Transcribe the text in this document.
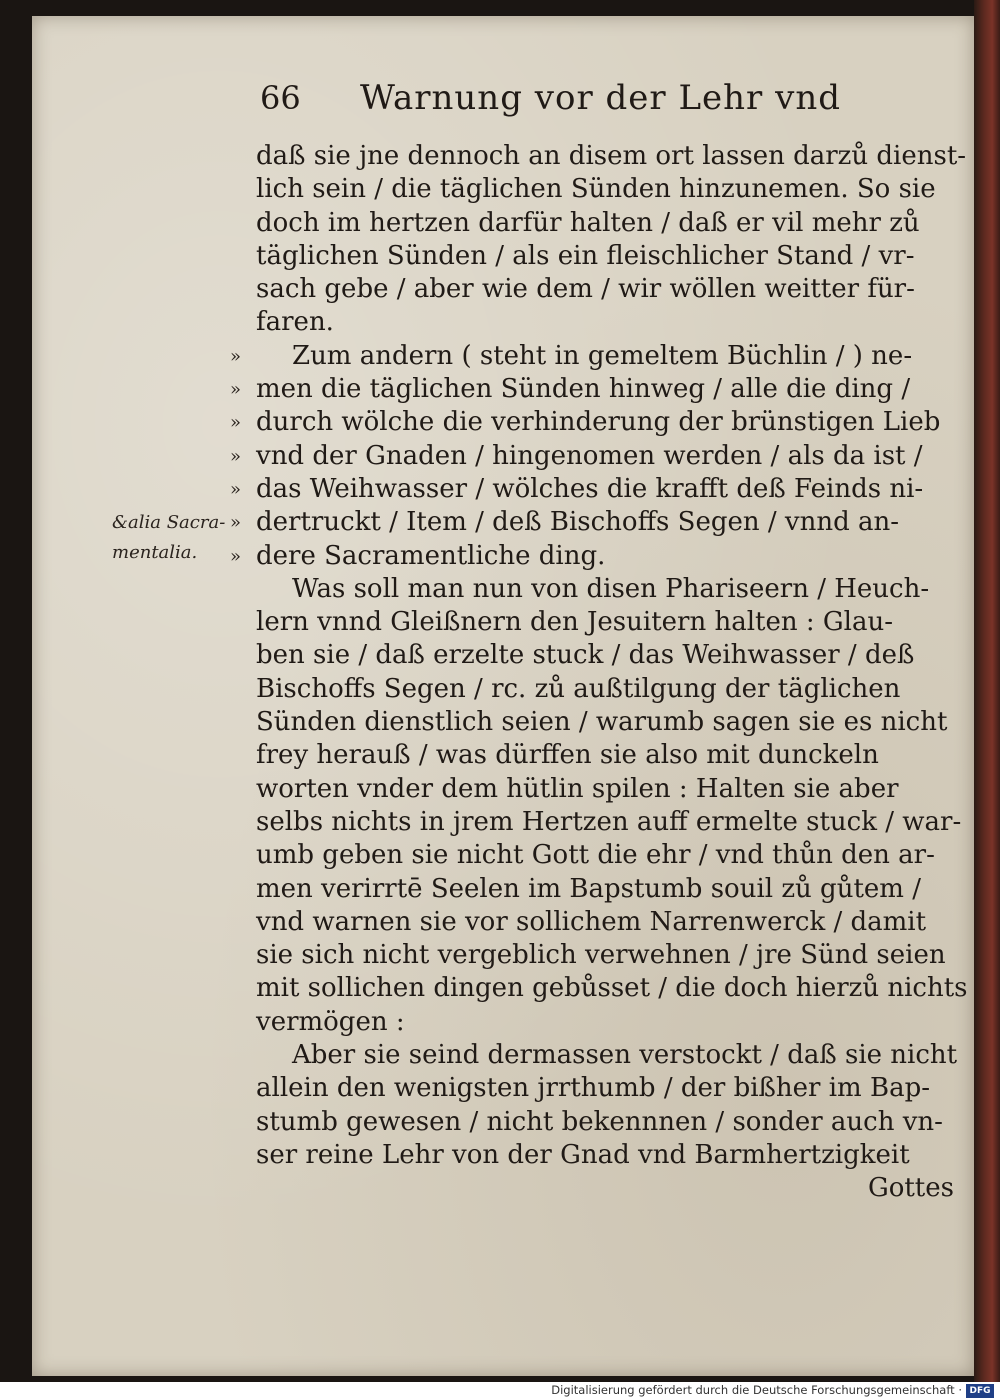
&alia Sacra-
mentalia.
66	Warnung vor der Lehr vnd
daß sie jne dennoch an disem ort lassen darzů dienst-
lich sein / die täglichen Sünden hinzunemen. So sie
doch im hertzen darfür halten / daß er vil mehr zů
täglichen Sünden / als ein fleischlicher Stand / vr-
sach gebe / aber wie dem / wir wöllen weitter für-
faren.
» Zum andern ( steht in gemeltem Büchlin / ) ne-
» men die täglichen Sünden hinweg / alle die ding /
» durch wölche die verhinderung der brünstigen Lieb
» vnd der Gnaden / hingenomen werden / als da ist /
» das Weihwasser / wölches die krafft deß Feinds ni-
» dertruckt / Item / deß Bischoffs Segen / vnnd an-
» dere Sacramentliche ding.
Was soll man nun von disen Phariseern / Heuch-
lern vnnd Gleißnern den Jesuitern halten : Glau-
ben sie / daß erzelte stuck / das Weihwasser / deß
Bischoffs Segen / rc. zů außtilgung der täglichen
Sünden dienstlich seien / warumb sagen sie es nicht
frey herauß / was dürffen sie also mit dunckeln
worten vnder dem hütlin spilen : Halten sie aber
selbs nichts in jrem Hertzen auff ermelte stuck / war-
umb geben sie nicht Gott die ehr / vnd thůn den ar-
men verirrtē Seelen im Bapstumb souil zů gůtem /
vnd warnen sie vor sollichem Narrenwerck / damit
sie sich nicht vergeblich verwehnen / jre Sünd seien
mit sollichen dingen gebůsset / die doch hierzů nichts
vermögen :
Aber sie seind dermassen verstockt / daß sie nicht
allein den wenigsten jrrthumb / der bißher im Bap-
stumb gewesen / nicht bekennnen / sonder auch vn-
ser reine Lehr von der Gnad vnd Barmhertzigkeit
Gottes
Digitalisierung gefördert durch die Deutsche Forschungsgemeinschaft · DFG
